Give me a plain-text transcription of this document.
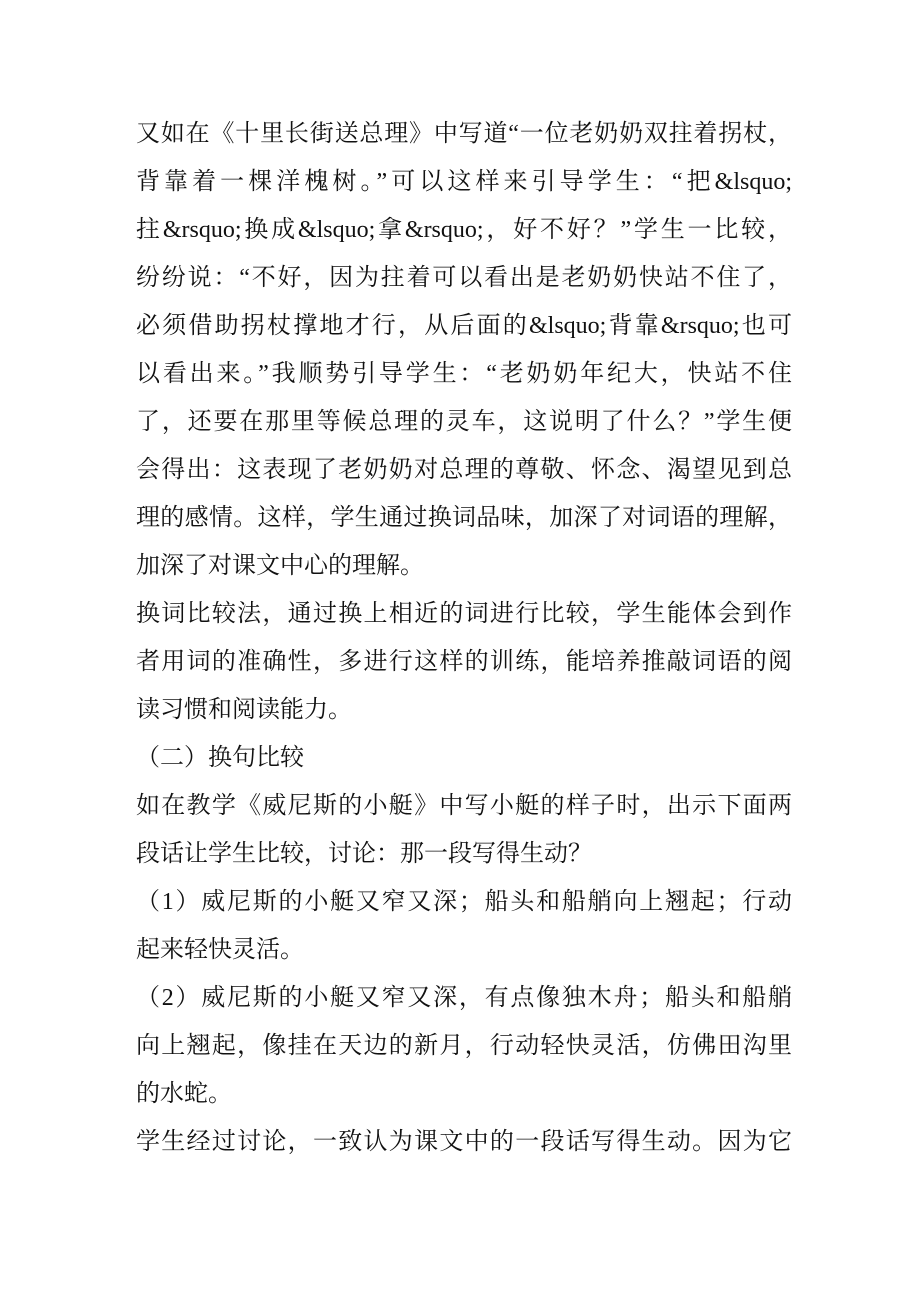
又如在《十里长街送总理》中写道“一位老奶奶双拄着拐杖，
背靠着一棵洋槐树。”可以这样来引导学生：“把&lsquo;
拄&rsquo;换成&lsquo;拿&rsquo;，好不好？”学生一比较，
纷纷说：“不好，因为拄着可以看出是老奶奶快站不住了，
必须借助拐杖撑地才行，从后面的&lsquo;背靠&rsquo;也可
以看出来。”我顺势引导学生：“老奶奶年纪大，快站不住
了，还要在那里等候总理的灵车，这说明了什么？”学生便
会得出：这表现了老奶奶对总理的尊敬、怀念、渴望见到总
理的感情。这样，学生通过换词品味，加深了对词语的理解，
加深了对课文中心的理解。
换词比较法，通过换上相近的词进行比较，学生能体会到作
者用词的准确性，多进行这样的训练，能培养推敲词语的阅
读习惯和阅读能力。
（二）换句比较
如在教学《威尼斯的小艇》中写小艇的样子时，出示下面两
段话让学生比较，讨论：那一段写得生动？
（1）威尼斯的小艇又窄又深；船头和船艄向上翘起；行动
起来轻快灵活。
（2）威尼斯的小艇又窄又深，有点像独木舟；船头和船艄
向上翘起，像挂在天边的新月，行动轻快灵活，仿佛田沟里
的水蛇。
学生经过讨论，一致认为课文中的一段话写得生动。因为它
